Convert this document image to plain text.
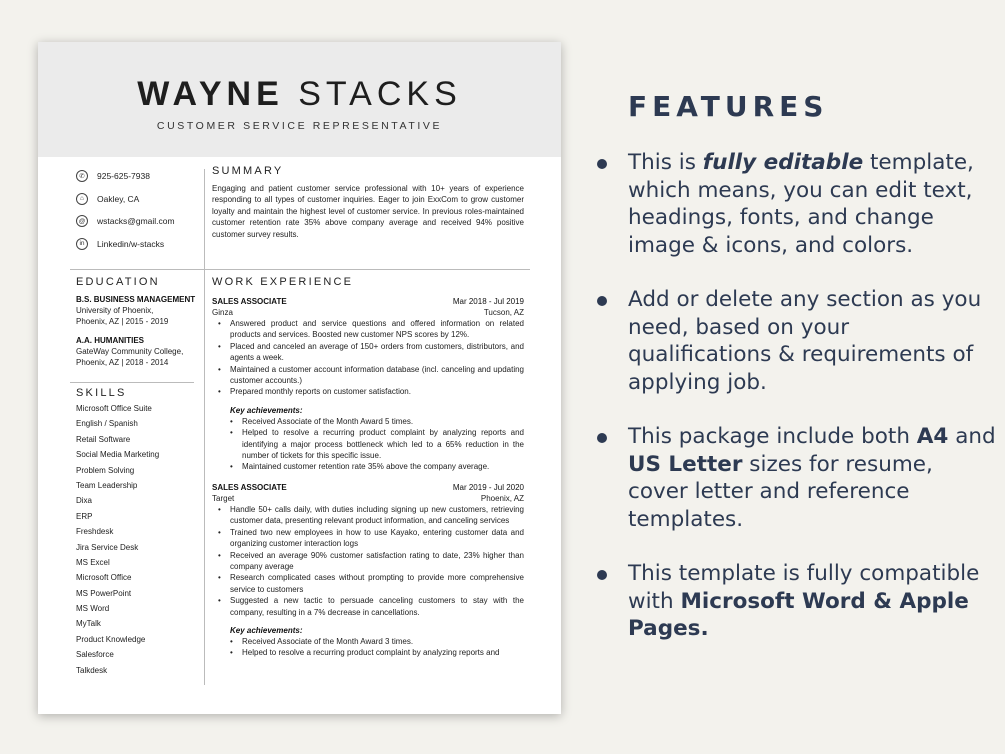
WAYNE STACKS
CUSTOMER SERVICE REPRESENTATIVE
✆	925-625-7938
⌂	Oakley, CA
@	wstacks@gmail.com
in	Linkedin/w-stacks
SUMMARY
Engaging and patient customer service professional with 10+ years of experience responding to all types of customer inquiries. Eager to join ExxCom to grow customer loyalty and maintain the highest level of customer service. In previous roles-maintained customer retention rate 35% above company average and received 94% positive customer survey results.
EDUCATION
B.S. BUSINESS MANAGEMENT
University of Phoenix,
Phoenix, AZ | 2015 - 2019
A.A. HUMANITIES
GateWay Community College,
Phoenix, AZ | 2018 - 2014
SKILLS
Microsoft Office Suite
English / Spanish
Retail Software
Social Media Marketing
Problem Solving
Team Leadership
Dixa
ERP
Freshdesk
Jira Service Desk
MS Excel
Microsoft Office
MS PowerPoint
MS Word
MyTalk
Product Knowledge
Salesforce
Talkdesk
WORK EXPERIENCE
SALES ASSOCIATE	Mar 2018 - Jul 2019
Ginza	Tucson, AZ
• Answered product and service questions and offered information on related products and services. Boosted new customer NPS scores by 12%.
• Placed and canceled an average of 150+ orders from customers, distributors, and agents a week.
• Maintained a customer account information database (incl. canceling and updating customer accounts.)
• Prepared monthly reports on customer satisfaction.
Key achievements:
• Received Associate of the Month Award 5 times.
• Helped to resolve a recurring product complaint by analyzing reports and identifying a major process bottleneck which led to a 65% reduction in the number of tickets for this specific issue.
• Maintained customer retention rate 35% above the company average.
SALES ASSOCIATE	Mar 2019 - Jul 2020
Target	Phoenix, AZ
• Handle 50+ calls daily, with duties including signing up new customers, retrieving customer data, presenting relevant product information, and canceling services
• Trained two new employees in how to use Kayako, entering customer data and organizing customer interaction logs
• Received an average 90% customer satisfaction rating to date, 23% higher than company average
• Research complicated cases without prompting to provide more comprehensive service to customers
• Suggested a new tactic to persuade canceling customers to stay with the company, resulting in a 7% decrease in cancellations.
Key achievements:
• Received Associate of the Month Award 3 times.
• Helped to resolve a recurring product complaint by analyzing reports and
FEATURES
This is fully editable template, which means, you can edit text, headings, fonts, and change image & icons, and colors.
Add or delete any section as you need, based on your qualifications & requirements of applying job.
This package include both A4 and US Letter sizes for resume, cover letter and reference templates.
This template is fully compatible with Microsoft Word & Apple Pages.
